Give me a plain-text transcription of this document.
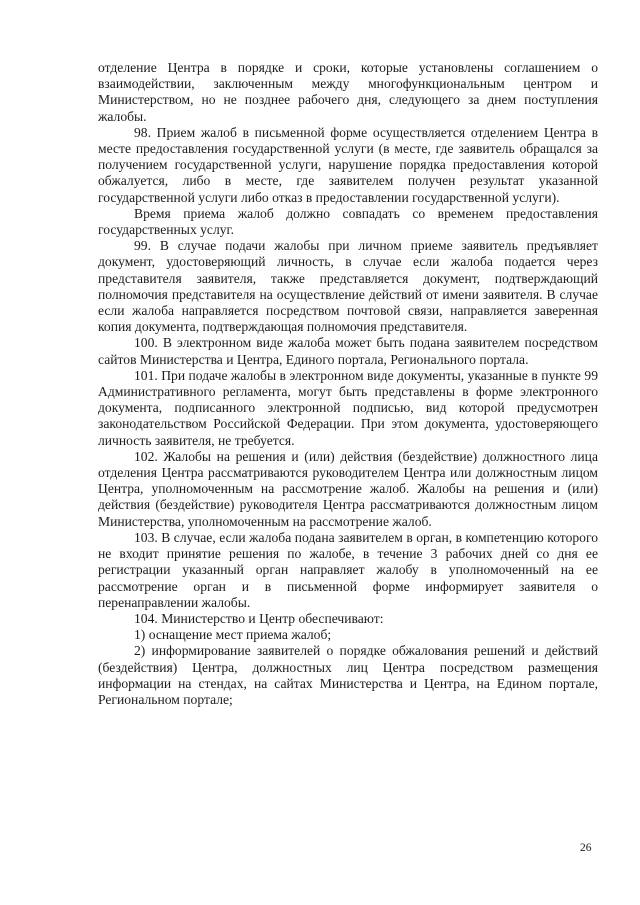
отделение Центра в порядке и сроки, которые установлены соглашением о взаимодействии, заключенным между многофункциональным центром и Министерством, но не позднее рабочего дня, следующего за днем поступления жалобы.

98. Прием жалоб в письменной форме осуществляется отделением Центра в месте предоставления государственной услуги (в месте, где заявитель обращался за получением государственной услуги, нарушение порядка предоставления которой обжалуется, либо в месте, где заявителем получен результат указанной государственной услуги либо отказ в предоставлении государственной услуги).

Время приема жалоб должно совпадать со временем предоставления государственных услуг.

99. В случае подачи жалобы при личном приеме заявитель предъявляет документ, удостоверяющий личность, в случае если жалоба подается через представителя заявителя, также представляется документ, подтверждающий полномочия представителя на осуществление действий от имени заявителя. В случае если жалоба направляется посредством почтовой связи, направляется заверенная копия документа, подтверждающая полномочия представителя.

100. В электронном виде жалоба может быть подана заявителем посредством сайтов Министерства и Центра, Единого портала, Регионального портала.

101. При подаче жалобы в электронном виде документы, указанные в пункте 99 Административного регламента, могут быть представлены в форме электронного документа, подписанного электронной подписью, вид которой предусмотрен законодательством Российской Федерации. При этом документа, удостоверяющего личность заявителя, не требуется.

102. Жалобы на решения и (или) действия (бездействие) должностного лица отделения Центра рассматриваются руководителем Центра или должностным лицом Центра, уполномоченным на рассмотрение жалоб. Жалобы на решения и (или) действия (бездействие) руководителя Центра рассматриваются должностным лицом Министерства, уполномоченным на рассмотрение жалоб.

103. В случае, если жалоба подана заявителем в орган, в компетенцию которого не входит принятие решения по жалобе, в течение 3 рабочих дней со дня ее регистрации указанный орган направляет жалобу в уполномоченный на ее рассмотрение орган и в письменной форме информирует заявителя о перенаправлении жалобы.

104. Министерство и Центр обеспечивают:

1) оснащение мест приема жалоб;

2) информирование заявителей о порядке обжалования решений и действий (бездействия) Центра, должностных лиц Центра посредством размещения информации на стендах, на сайтах Министерства и Центра, на Едином портале, Региональном портале;

26
